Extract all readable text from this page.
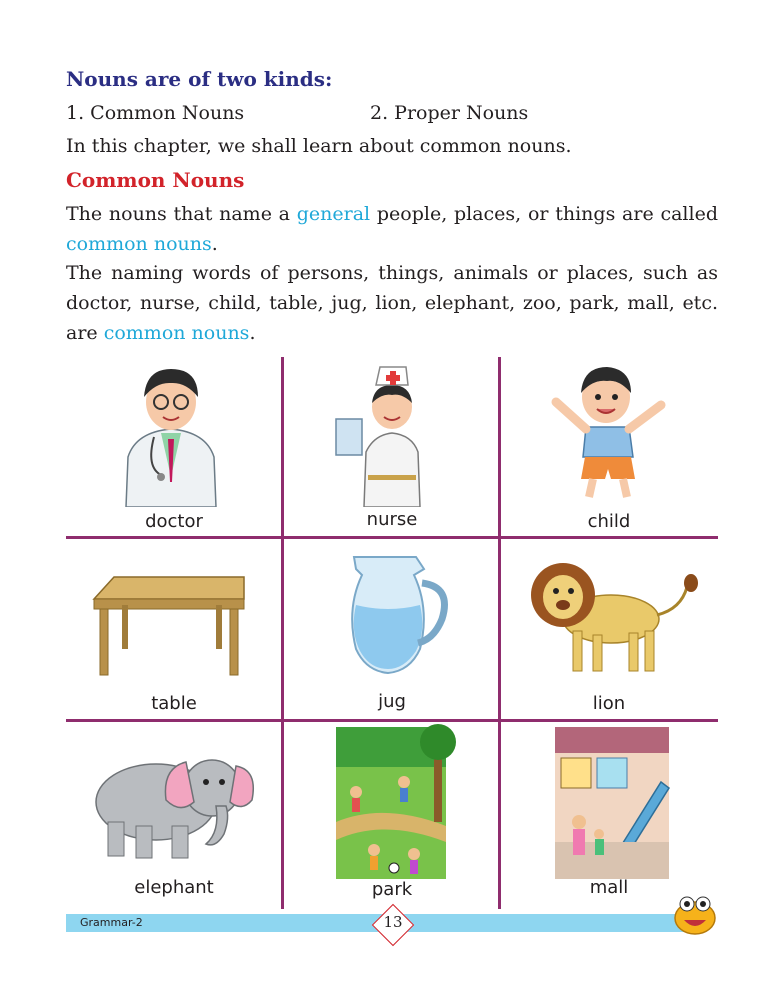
Nouns are of two kinds:
1. Common Nouns	2. Proper Nouns
In this chapter, we shall learn about common nouns.
Common Nouns
The nouns that name a general people, places, or things are called common nouns.
The naming words of persons, things, animals or places, such as doctor, nurse, child, table, jug, lion, elephant, zoo, park, mall, etc. are common nouns.
doctor	nurse	child
table	jug	lion
elephant	park	mall
Grammar-2	13
